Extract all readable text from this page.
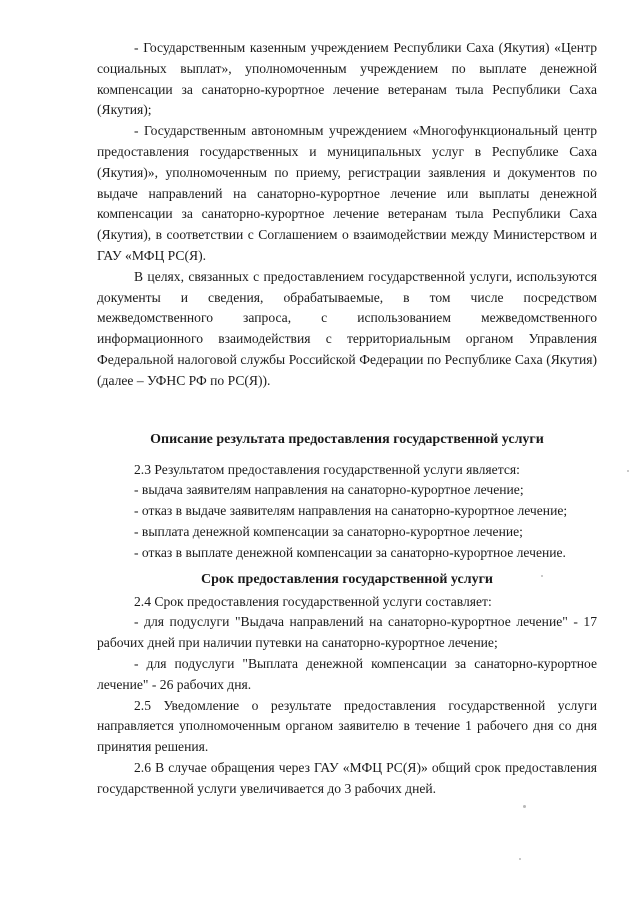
- Государственным казенным учреждением Республики Саха (Якутия) «Центр социальных выплат», уполномоченным учреждением по выплате денежной компенсации за санаторно-курортное лечение ветеранам тыла Республики Саха (Якутия);

- Государственным автономным учреждением «Многофункциональный центр предоставления государственных и муниципальных услуг в Республике Саха (Якутия)», уполномоченным по приему, регистрации заявления и документов по выдаче направлений на санаторно-курортное лечение или выплаты денежной компенсации за санаторно-курортное лечение ветеранам тыла Республики Саха (Якутия), в соответствии с Соглашением о взаимодействии между Министерством и ГАУ «МФЦ РС(Я).

В целях, связанных с предоставлением государственной услуги, используются документы и сведения, обрабатываемые, в том числе посредством межведомственного запроса, с использованием межведомственного информационного взаимодействия с территориальным органом Управления Федеральной налоговой службы Российской Федерации по Республике Саха (Якутия) (далее – УФНС РФ по РС(Я)).

Описание результата предоставления государственной услуги

2.3 Результатом предоставления государственной услуги является:

- выдача заявителям направления на санаторно-курортное лечение;

- отказ в выдаче заявителям направления на санаторно-курортное лечение;

- выплата денежной компенсации за санаторно-курортное лечение;

- отказ в выплате денежной компенсации за санаторно-курортное лечение.

Срок предоставления государственной услуги

2.4 Срок предоставления государственной услуги составляет:

- для подуслуги "Выдача направлений на санаторно-курортное лечение" - 17 рабочих дней при наличии путевки на санаторно-курортное лечение;

- для подуслуги "Выплата денежной компенсации за санаторно-курортное лечение" - 26 рабочих дня.

2.5 Уведомление о результате предоставления государственной услуги направляется уполномоченным органом заявителю в течение 1 рабочего дня со дня принятия решения.

2.6 В случае обращения через ГАУ «МФЦ РС(Я)» общий срок предоставления государственной услуги увеличивается до 3 рабочих дней.
